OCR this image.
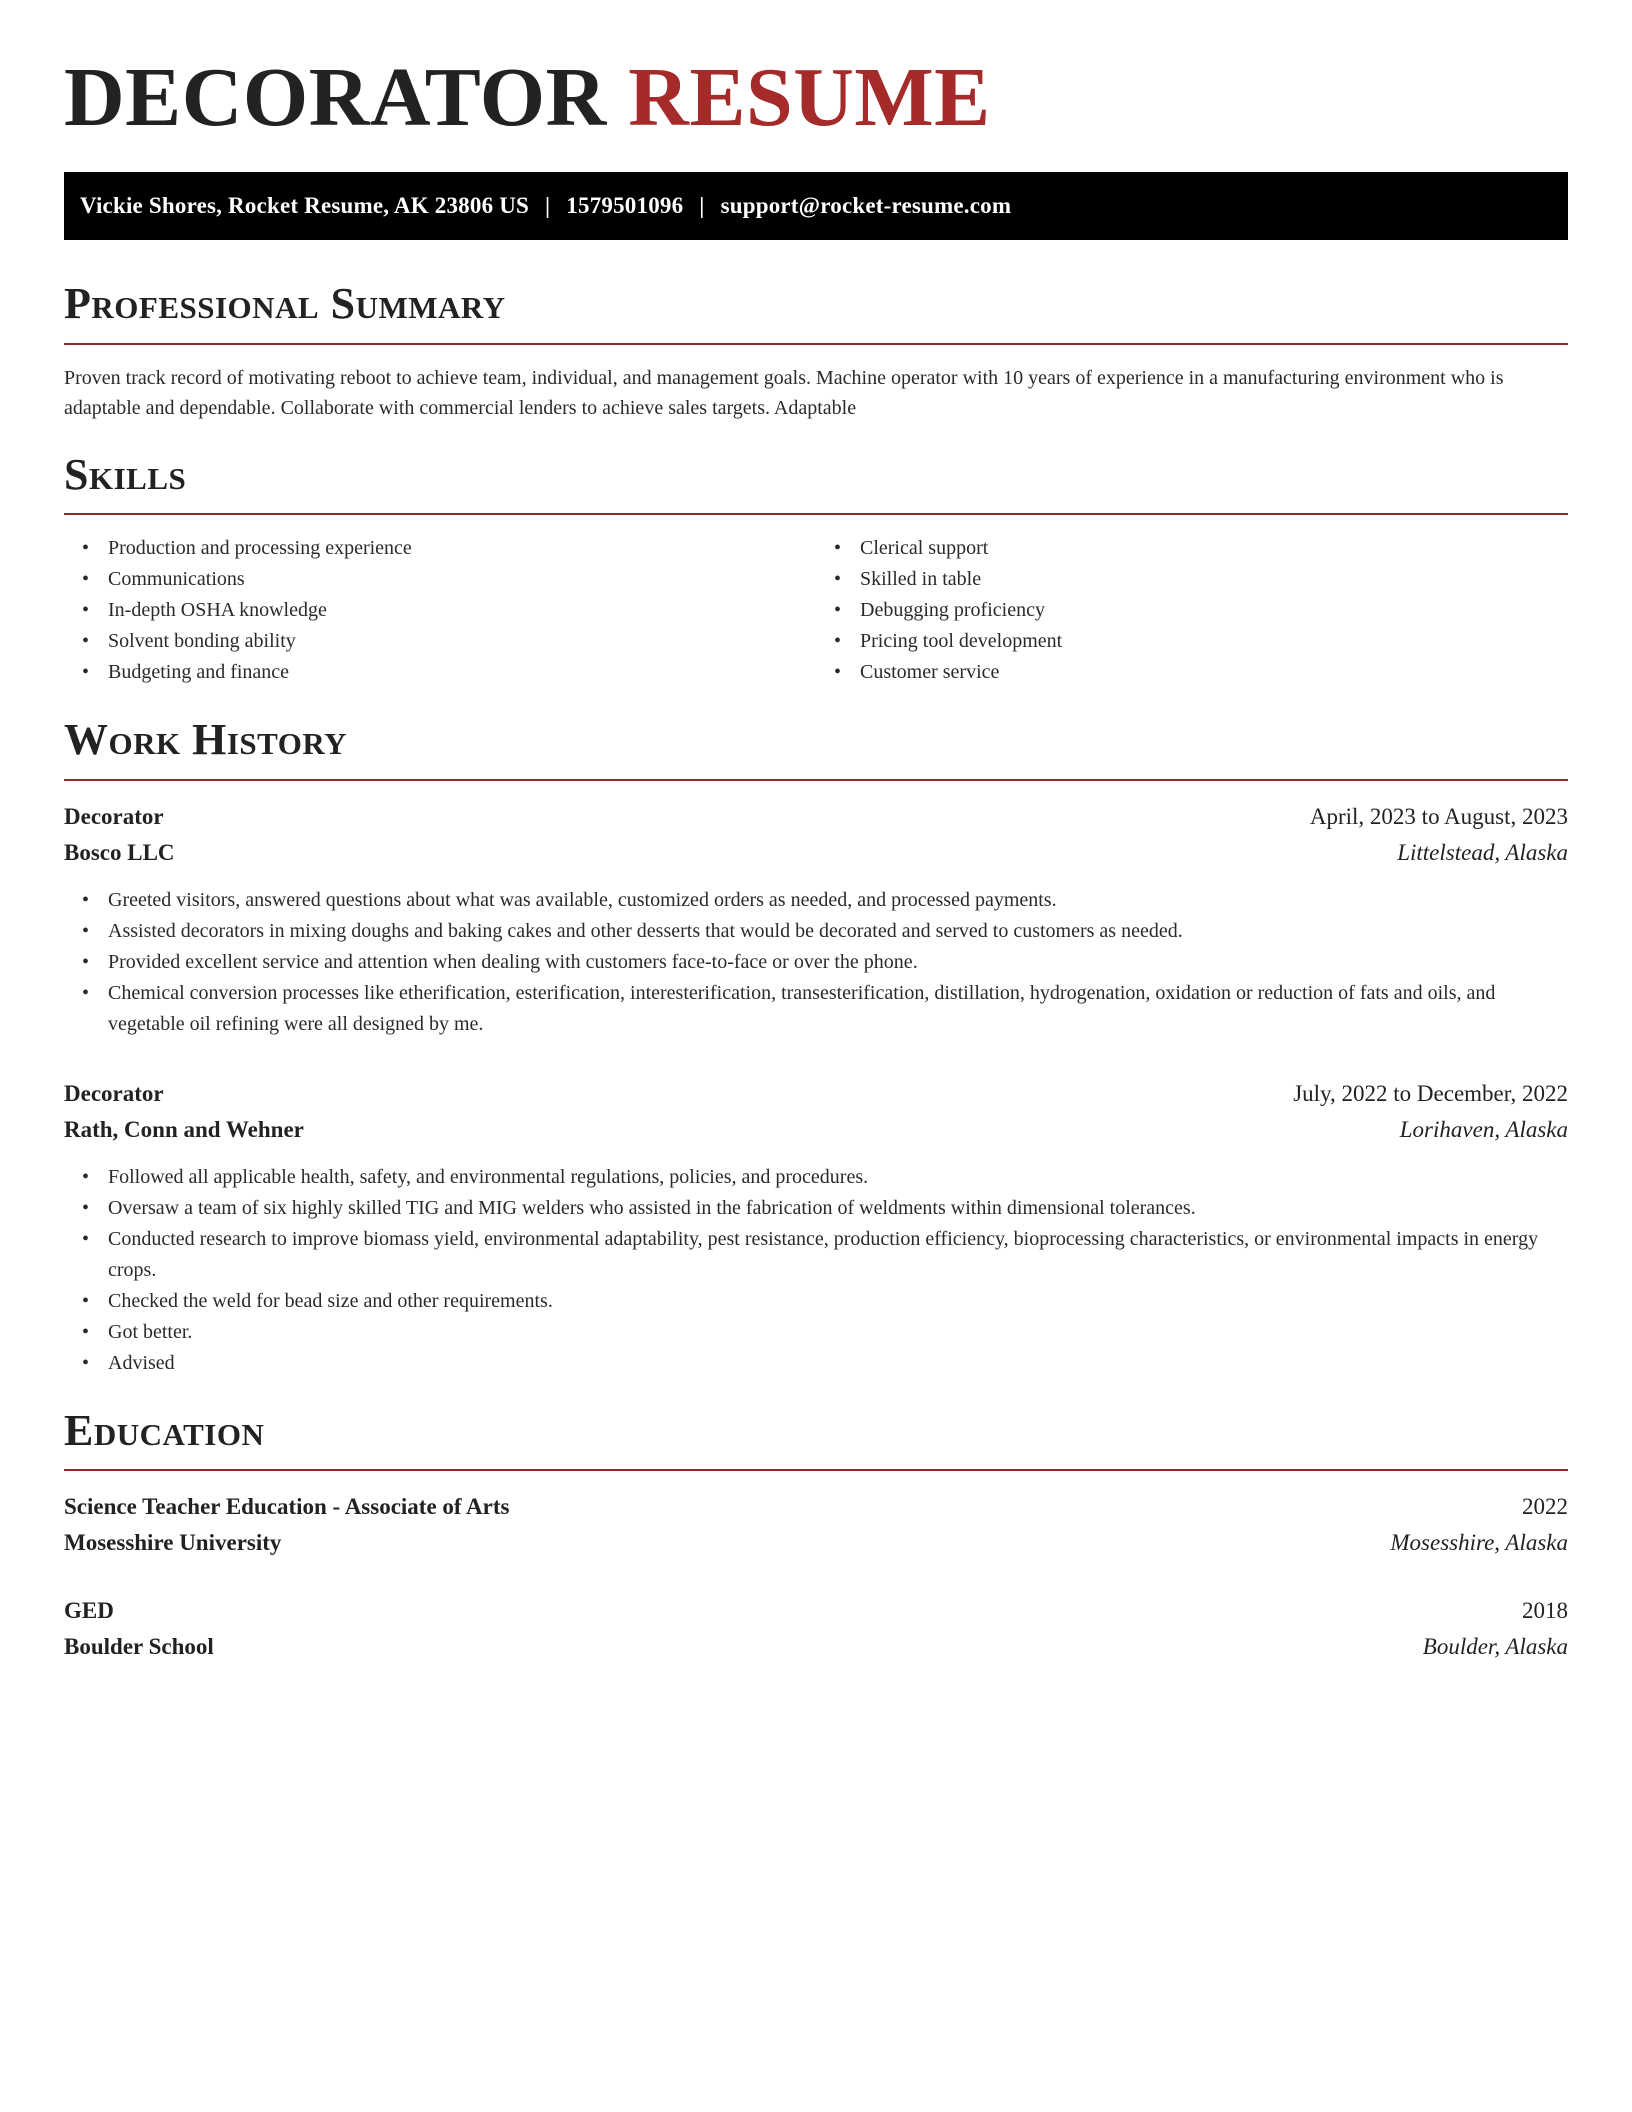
DECORATOR RESUME
Vickie Shores, Rocket Resume, AK 23806 US | 1579501096 | support@rocket-resume.com
Professional Summary

Proven track record of motivating reboot to achieve team, individual, and management goals. Machine operator with 10 years of experience in a manufacturing environment who is adaptable and dependable. Collaborate with commercial lenders to achieve sales targets. Adaptable

Skills
• Production and processing experience
• Communications
• In-depth OSHA knowledge
• Solvent bonding ability
• Budgeting and finance
• Clerical support
• Skilled in table
• Debugging proficiency
• Pricing tool development
• Customer service
Work History
Decorator	April, 2023 to August, 2023
Bosco LLC	Littelstead, Alaska
• Greeted visitors, answered questions about what was available, customized orders as needed, and processed payments.
• Assisted decorators in mixing doughs and baking cakes and other desserts that would be decorated and served to customers as needed.
• Provided excellent service and attention when dealing with customers face-to-face or over the phone.
• Chemical conversion processes like etherification, esterification, interesterification, transesterification, distillation, hydrogenation, oxidation or reduction of fats and oils, and vegetable oil refining were all designed by me.
Decorator	July, 2022 to December, 2022
Rath, Conn and Wehner	Lorihaven, Alaska
• Followed all applicable health, safety, and environmental regulations, policies, and procedures.
• Oversaw a team of six highly skilled TIG and MIG welders who assisted in the fabrication of weldments within dimensional tolerances.
• Conducted research to improve biomass yield, environmental adaptability, pest resistance, production efficiency, bioprocessing characteristics, or environmental impacts in energy crops.
• Checked the weld for bead size and other requirements.
• Got better.
• Advised
Education
Science Teacher Education - Associate of Arts	2022
Mosesshire University	Mosesshire, Alaska
GED	2018
Boulder School	Boulder, Alaska
